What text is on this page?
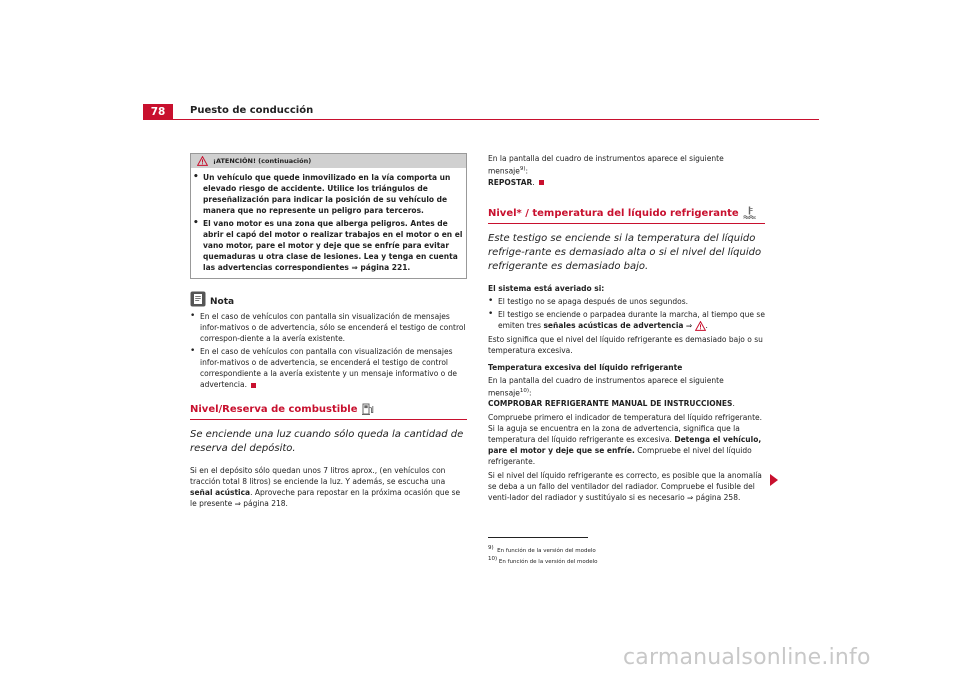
78	Puesto de conducción
¡ATENCIÓN! (continuación)
• Un vehículo que quede inmovilizado en la vía comporta un elevado riesgo de accidente. Utilice los triángulos de preseñalización para indicar la posición de su vehículo de manera que no represente un peligro para terceros.
• El vano motor es una zona que alberga peligros. Antes de abrir el capó del motor o realizar trabajos en el motor o en el vano motor, pare el motor y deje que se enfríe para evitar quemaduras u otra clase de lesiones. Lea y tenga en cuenta las advertencias correspondientes ⇒ página 221.
Nota
• En el caso de vehículos con pantalla sin visualización de mensajes infor-mativos o de advertencia, sólo se encenderá el testigo de control correspon-diente a la avería existente.
• En el caso de vehículos con pantalla con visualización de mensajes infor-mativos o de advertencia, se encenderá el testigo de control correspondiente a la avería existente y un mensaje informativo o de advertencia.
Nivel/Reserva de combustible

Se enciende una luz cuando sólo queda la cantidad de reserva del depósito.

Si en el depósito sólo quedan unos 7 litros aprox., (en vehículos con tracción total 8 litros) se enciende la luz. Y además, se escucha una señal acústica. Aproveche para repostar en la próxima ocasión que se le presente ⇒ página 218.

En la pantalla del cuadro de instrumentos aparece el siguiente mensaje$^{9)}$:
REPOSTAR.

Nivel* / temperatura del líquido refrigerante

Este testigo se enciende si la temperatura del líquido refrige-rante es demasiado alta o si el nivel del líquido refrigerante es demasiado bajo.

El sistema está averiado si:

• El testigo no se apaga después de unos segundos.
• El testigo se enciende o parpadea durante la marcha, al tiempo que se emiten tres señales acústicas de advertencia ⇒ .

Esto significa que el nivel del líquido refrigerante es demasiado bajo o su temperatura excesiva.

Temperatura excesiva del líquido refrigerante

En la pantalla del cuadro de instrumentos aparece el siguiente mensaje$^{10)}$:
COMPROBAR REFRIGERANTE MANUAL DE INSTRUCCIONES.

Compruebe primero el indicador de temperatura del líquido refrigerante. Si la aguja se encuentra en la zona de advertencia, significa que la temperatura del líquido refrigerante es excesiva. Detenga el vehículo, pare el motor y deje que se enfríe. Compruebe el nivel del líquido refrigerante.

Si el nivel del líquido refrigerante es correcto, es posible que la anomalía se deba a un fallo del ventilador del radiador. Compruebe el fusible del venti-lador del radiador y sustitúyalo si es necesario ⇒ página 258.

$^{9)}$ En función de la versión del modelo
$^{10)}$ En función de la versión del modelo
carmanualsonline.info
